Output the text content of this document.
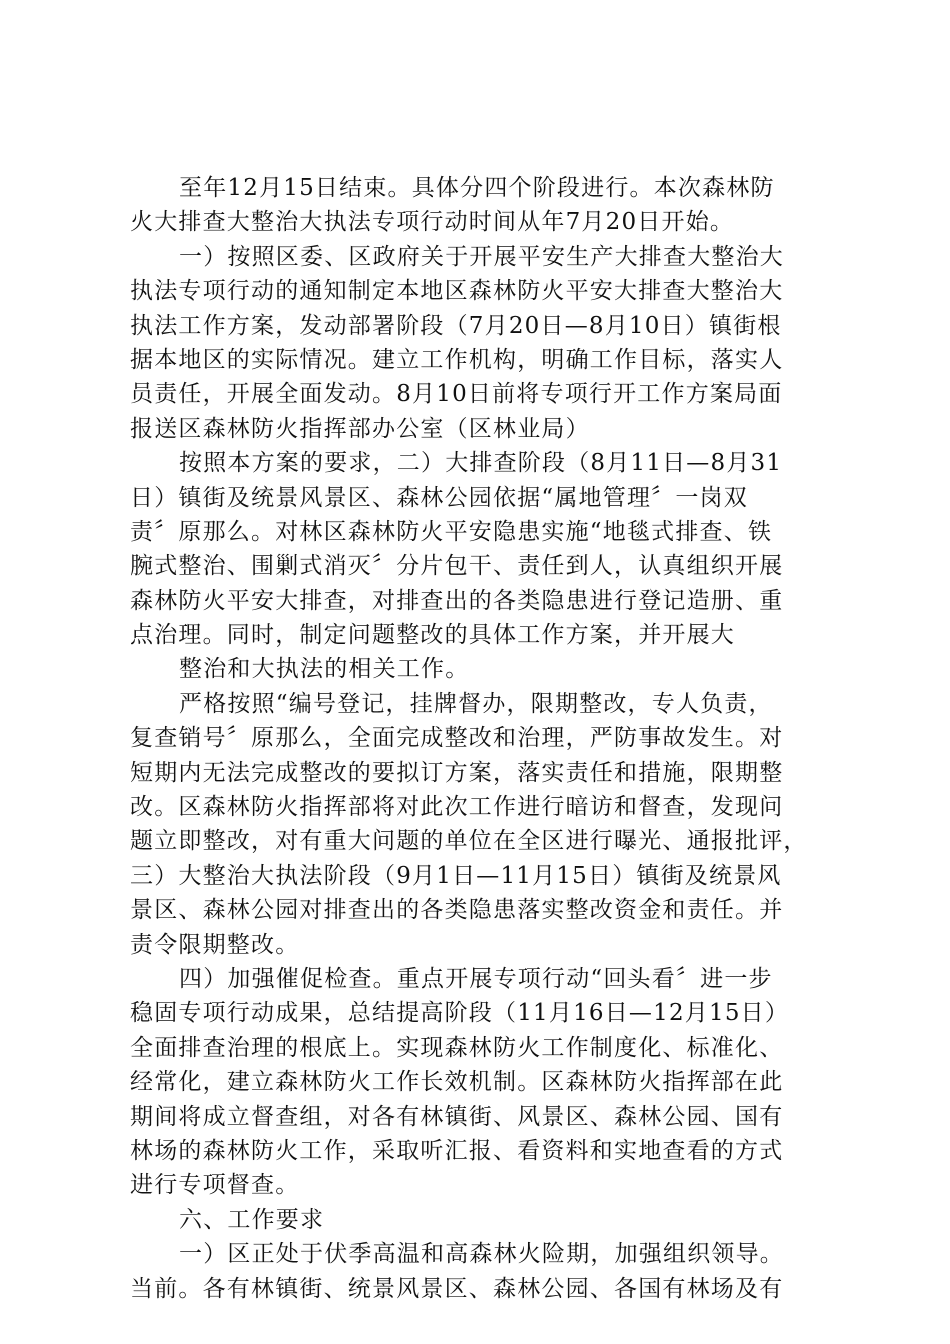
至年12月15日结束。具体分四个阶段进行。本次森林防
火大排查大整治大执法专项行动时间从年7月20日开始。
一）按照区委、区政府关于开展平安生产大排查大整治大
执法专项行动的通知制定本地区森林防火平安大排查大整治大
执法工作方案，发动部署阶段（7月20日—8月10日）镇街根
据本地区的实际情况。建立工作机构，明确工作目标，落实人
员责任，开展全面发动。8月10日前将专项行开工作方案局面
报送区森林防火指挥部办公室（区林业局）
按照本方案的要求，二）大排查阶段（8月11日—8月31
日）镇街及统景风景区、森林公园依据“属地管理〞一岗双
责〞原那么。对林区森林防火平安隐患实施“地毯式排查、铁
腕式整治、围剿式消灭〞分片包干、责任到人，认真组织开展
森林防火平安大排查，对排查出的各类隐患进行登记造册、重
点治理。同时，制定问题整改的具体工作方案，并开展大
整治和大执法的相关工作。
严格按照“编号登记，挂牌督办，限期整改，专人负责，
复查销号〞原那么，全面完成整改和治理，严防事故发生。对
短期内无法完成整改的要拟订方案，落实责任和措施，限期整
改。区森林防火指挥部将对此次工作进行暗访和督查，发现问
题立即整改，对有重大问题的单位在全区进行曝光、通报批评，
三）大整治大执法阶段（9月1日—11月15日）镇街及统景风
景区、森林公园对排查出的各类隐患落实整改资金和责任。并
责令限期整改。
四）加强催促检查。重点开展专项行动“回头看〞进一步
稳固专项行动成果，总结提高阶段（11月16日—12月15日）
全面排查治理的根底上。实现森林防火工作制度化、标准化、
经常化，建立森林防火工作长效机制。区森林防火指挥部在此
期间将成立督查组，对各有林镇街、风景区、森林公园、国有
林场的森林防火工作，采取听汇报、看资料和实地查看的方式
进行专项督查。
六、工作要求
一）区正处于伏季高温和高森林火险期，加强组织领导。
当前。各有林镇街、统景风景区、森林公园、各国有林场及有
